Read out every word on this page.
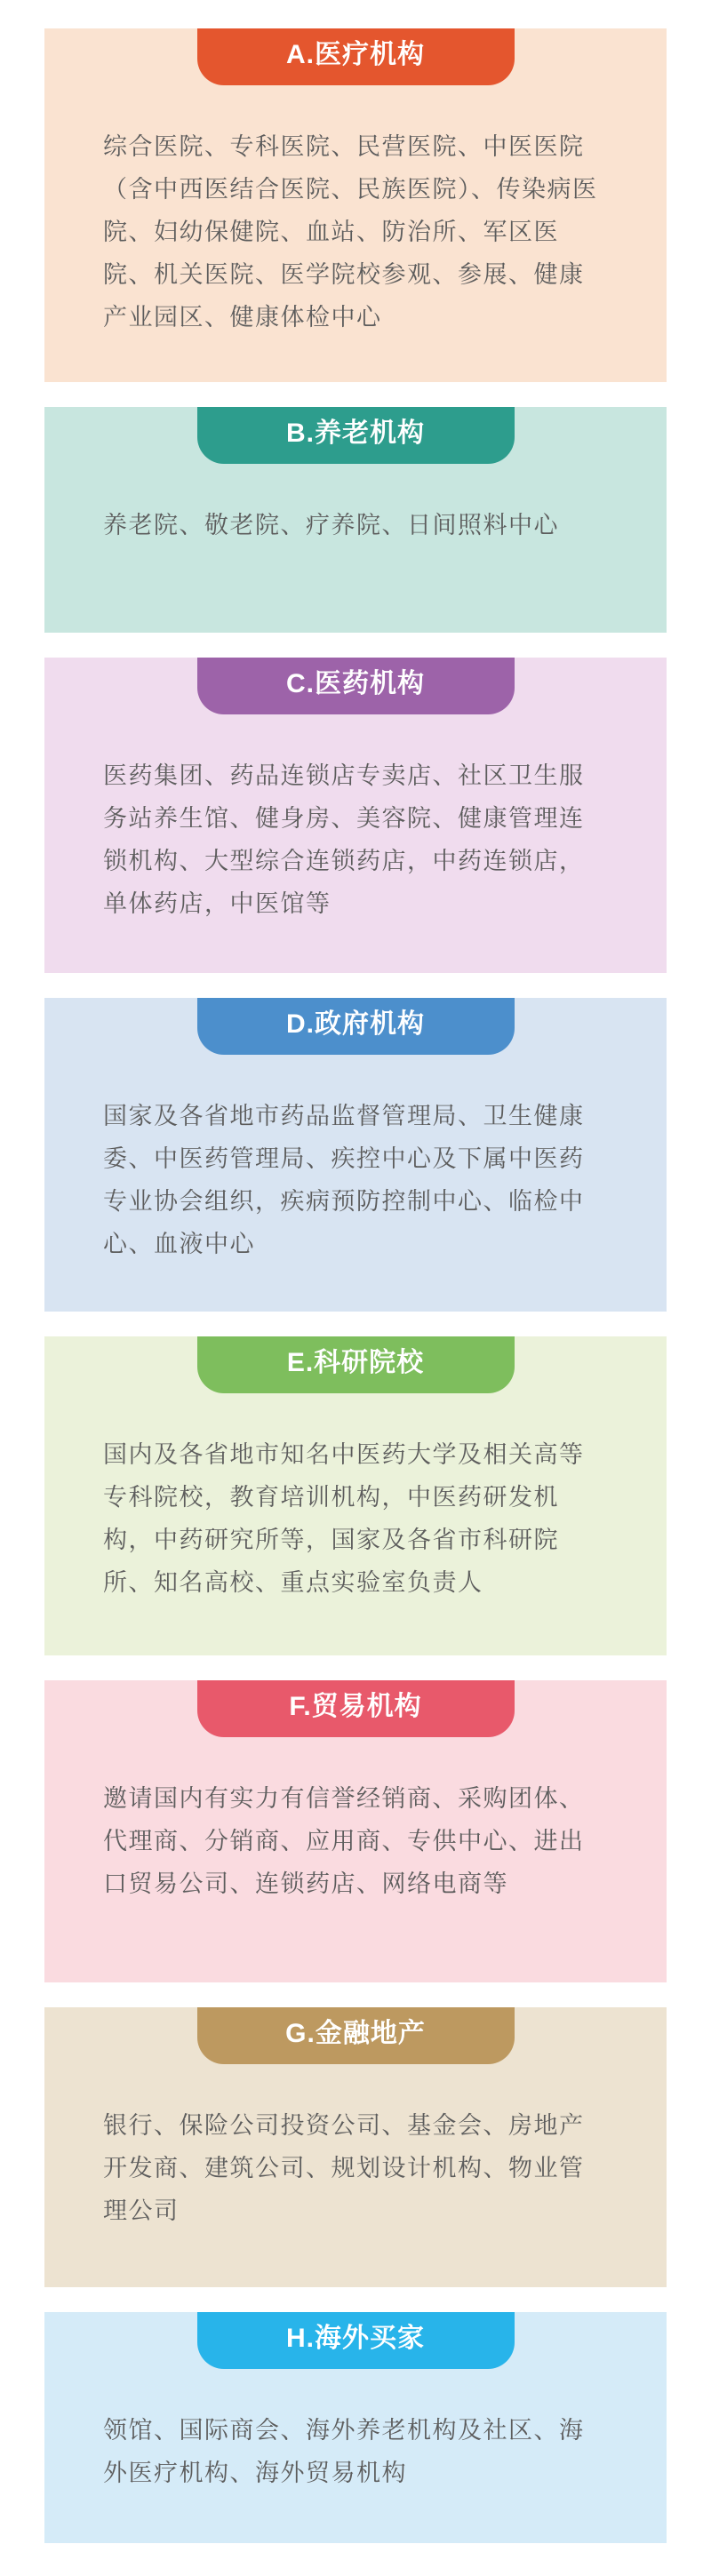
A.医疗机构

综合医院、专科医院、民营医院、中医医院（含中西医结合医院、民族医院）、传染病医院、妇幼保健院、血站、防治所、军区医院、机关医院、医学院校参观、参展、健康产业园区、健康体检中心

B.养老机构

养老院、敬老院、疗养院、日间照料中心

C.医药机构

医药集团、药品连锁店专卖店、社区卫生服务站养生馆、健身房、美容院、健康管理连锁机构、大型综合连锁药店，中药连锁店，单体药店，中医馆等

D.政府机构

国家及各省地市药品监督管理局、卫生健康委、中医药管理局、疾控中心及下属中医药专业协会组织，疾病预防控制中心、临检中心、血液中心

E.科研院校

国内及各省地市知名中医药大学及相关高等专科院校，教育培训机构，中医药研发机构，中药研究所等，国家及各省市科研院所、知名高校、重点实验室负责人

F.贸易机构

邀请国内有实力有信誉经销商、采购团体、代理商、分销商、应用商、专供中心、进出口贸易公司、连锁药店、网络电商等

G.金融地产

银行、保险公司投资公司、基金会、房地产开发商、建筑公司、规划设计机构、物业管理公司

H.海外买家

领馆、国际商会、海外养老机构及社区、海外医疗机构、海外贸易机构
